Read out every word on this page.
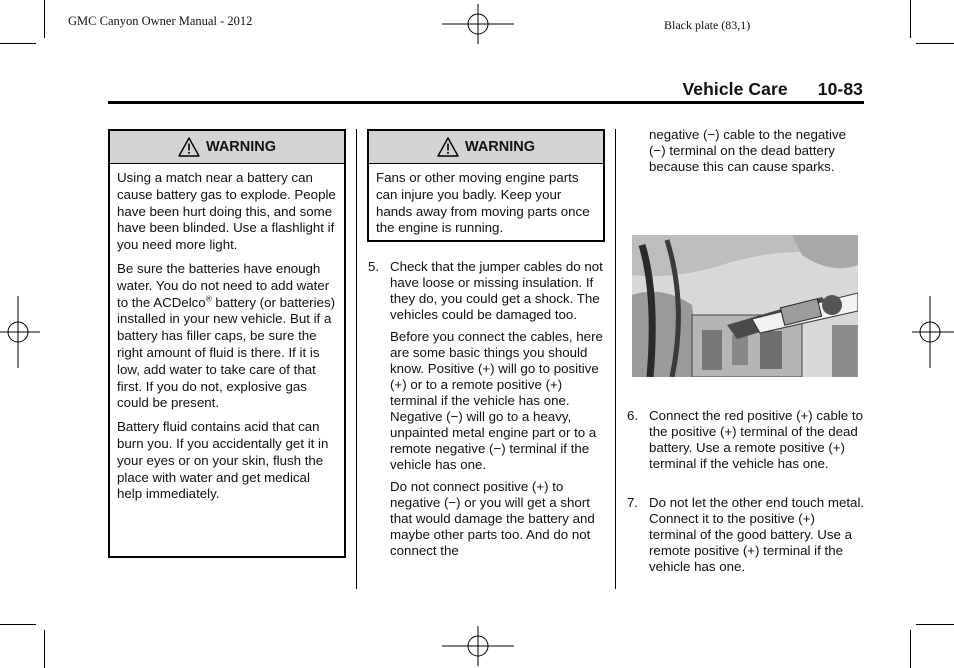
GMC Canyon Owner Manual - 2012	Black plate (83,1)
Vehicle Care 10-83
WARNING

Using a match near a battery can cause battery gas to explode. People have been hurt doing this, and some have been blinded. Use a flashlight if you need more light.

Be sure the batteries have enough water. You do not need to add water to the ACDelco® battery (or batteries) installed in your new vehicle. But if a battery has filler caps, be sure the right amount of fluid is there. If it is low, add water to take care of that first. If you do not, explosive gas could be present.

Battery fluid contains acid that can burn you. If you accidentally get it in your eyes or on your skin, flush the place with water and get medical help immediately.

WARNING

Fans or other moving engine parts can injure you badly. Keep your hands away from moving parts once the engine is running.

5. Check that the jumper cables do not have loose or missing insulation. If they do, you could get a shock. The vehicles could be damaged too.

Before you connect the cables, here are some basic things you should know. Positive (+) will go to positive (+) or to a remote positive (+) terminal if the vehicle has one. Negative (−) will go to a heavy, unpainted metal engine part or to a remote negative (−) terminal if the vehicle has one.

Do not connect positive (+) to negative (−) or you will get a short that would damage the battery and maybe other parts too. And do not connect the

negative (−) cable to the negative (−) terminal on the dead battery because this can cause sparks.
6. Connect the red positive (+) cable to the positive (+) terminal of the dead battery. Use a remote positive (+) terminal if the vehicle has one.

7. Do not let the other end touch metal. Connect it to the positive (+) terminal of the good battery. Use a remote positive (+) terminal if the vehicle has one.
